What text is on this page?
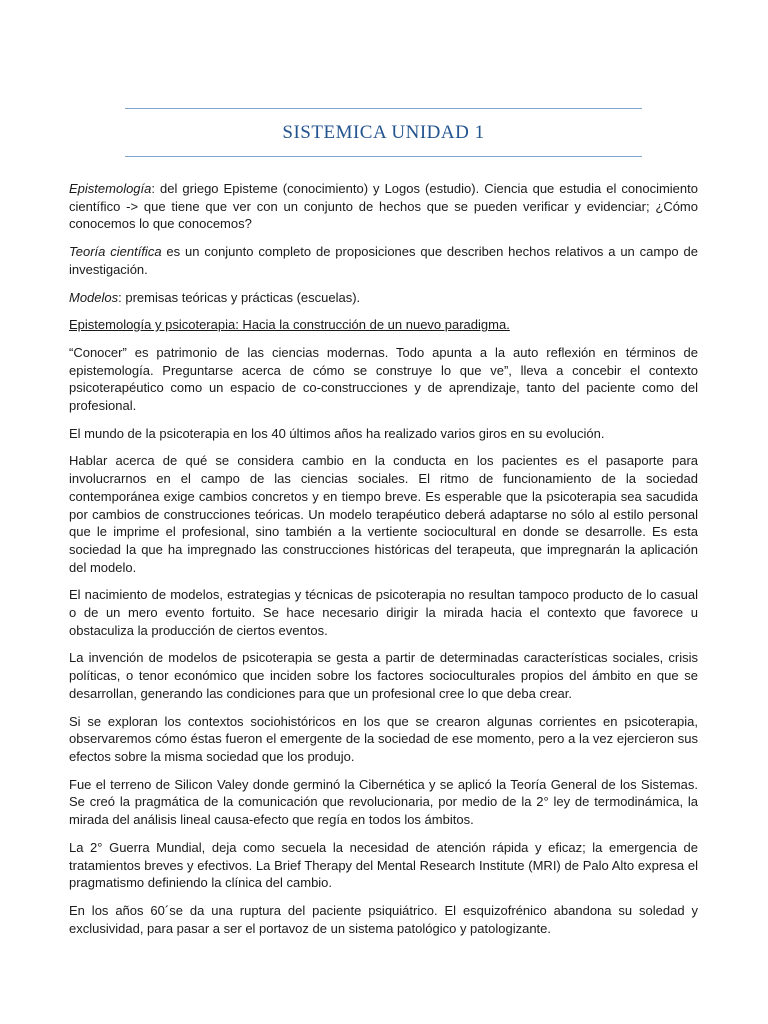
SISTEMICA UNIDAD 1

Epistemología: del griego Episteme (conocimiento) y Logos (estudio). Ciencia que estudia el conocimiento científico -> que tiene que ver con un conjunto de hechos que se pueden verificar y evidenciar; ¿Cómo conocemos lo que conocemos?

Teoría científica es un conjunto completo de proposiciones que describen hechos relativos a un campo de investigación.

Modelos: premisas teóricas y prácticas (escuelas).

Epistemología y psicoterapia: Hacia la construcción de un nuevo paradigma.

“Conocer” es patrimonio de las ciencias modernas. Todo apunta a la auto reflexión en términos de epistemología. Preguntarse acerca de cómo se construye lo que ve”, lleva a concebir el contexto psicoterapéutico como un espacio de co-construcciones y de aprendizaje, tanto del paciente como del profesional.

El mundo de la psicoterapia en los 40 últimos años ha realizado varios giros en su evolución.

Hablar acerca de qué se considera cambio en la conducta en los pacientes es el pasaporte para involucrarnos en el campo de las ciencias sociales. El ritmo de funcionamiento de la sociedad contemporánea exige cambios concretos y en tiempo breve. Es esperable que la psicoterapia sea sacudida por cambios de construcciones teóricas. Un modelo terapéutico deberá adaptarse no sólo al estilo personal que le imprime el profesional, sino también a la vertiente sociocultural en donde se desarrolle. Es esta sociedad la que ha impregnado las construcciones históricas del terapeuta, que impregnarán la aplicación del modelo.

El nacimiento de modelos, estrategias y técnicas de psicoterapia no resultan tampoco producto de lo casual o de un mero evento fortuito. Se hace necesario dirigir la mirada hacia el contexto que favorece u obstaculiza la producción de ciertos eventos.

La invención de modelos de psicoterapia se gesta a partir de determinadas características sociales, crisis políticas, o tenor económico que inciden sobre los factores socioculturales propios del ámbito en que se desarrollan, generando las condiciones para que un profesional cree lo que deba crear.

Si se exploran los contextos sociohistóricos en los que se crearon algunas corrientes en psicoterapia, observaremos cómo éstas fueron el emergente de la sociedad de ese momento, pero a la vez ejercieron sus efectos sobre la misma sociedad que los produjo.

Fue el terreno de Silicon Valey donde germinó la Cibernética y se aplicó la Teoría General de los Sistemas. Se creó la pragmática de la comunicación que revolucionaria, por medio de la 2° ley de termodinámica, la mirada del análisis lineal causa-efecto que regía en todos los ámbitos.

La 2° Guerra Mundial, deja como secuela la necesidad de atención rápida y eficaz; la emergencia de tratamientos breves y efectivos. La Brief Therapy del Mental Research Institute (MRI) de Palo Alto expresa el pragmatismo definiendo la clínica del cambio.

En los años 60´se da una ruptura del paciente psiquiátrico. El esquizofrénico abandona su soledad y exclusividad, para pasar a ser el portavoz de un sistema patológico y patologizante.
